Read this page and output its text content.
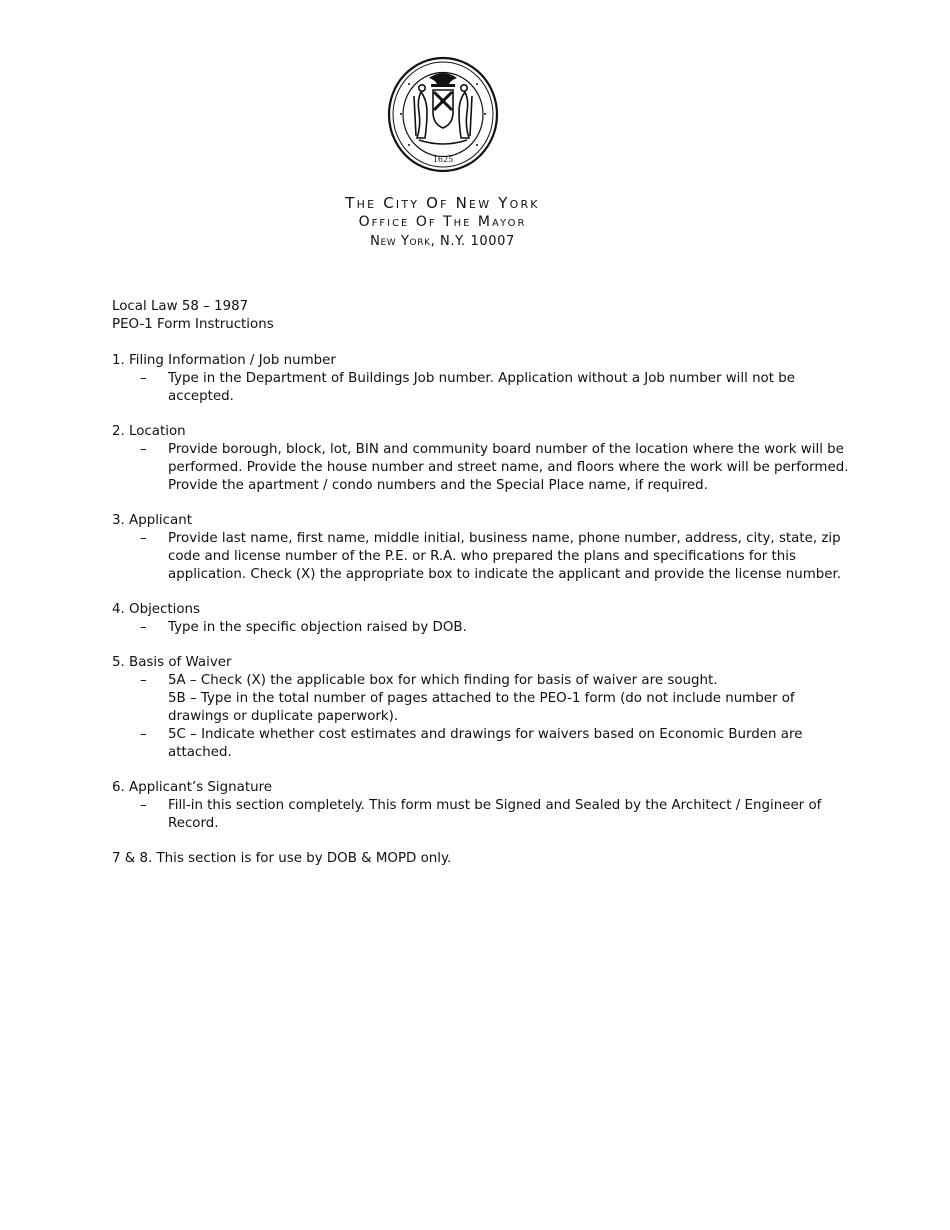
1625
The City Of New York
Office Of The Mayor
New York, N.Y. 10007
Local Law 58 – 1987
PEO-1 Form Instructions
1. Filing Information / Job number
– Type in the Department of Buildings Job number. Application without a Job number will not be accepted.
2. Location
– Provide borough, block, lot, BIN and community board number of the location where the work will be performed. Provide the house number and street name, and floors where the work will be performed. Provide the apartment / condo numbers and the Special Place name, if required.
3. Applicant
– Provide last name, first name, middle initial, business name, phone number, address, city, state, zip code and license number of the P.E. or R.A. who prepared the plans and specifications for this application. Check (X) the appropriate box to indicate the applicant and provide the license number.
4. Objections
– Type in the specific objection raised by DOB.
5. Basis of Waiver
– 5A – Check (X) the applicable box for which finding for basis of waiver are sought.
5B – Type in the total number of pages attached to the PEO-1 form (do not include number of drawings or duplicate paperwork).
– 5C – Indicate whether cost estimates and drawings for waivers based on Economic Burden are attached.
6. Applicant’s Signature
– Fill-in this section completely. This form must be Signed and Sealed by the Architect / Engineer of Record.
7 & 8. This section is for use by DOB & MOPD only.
